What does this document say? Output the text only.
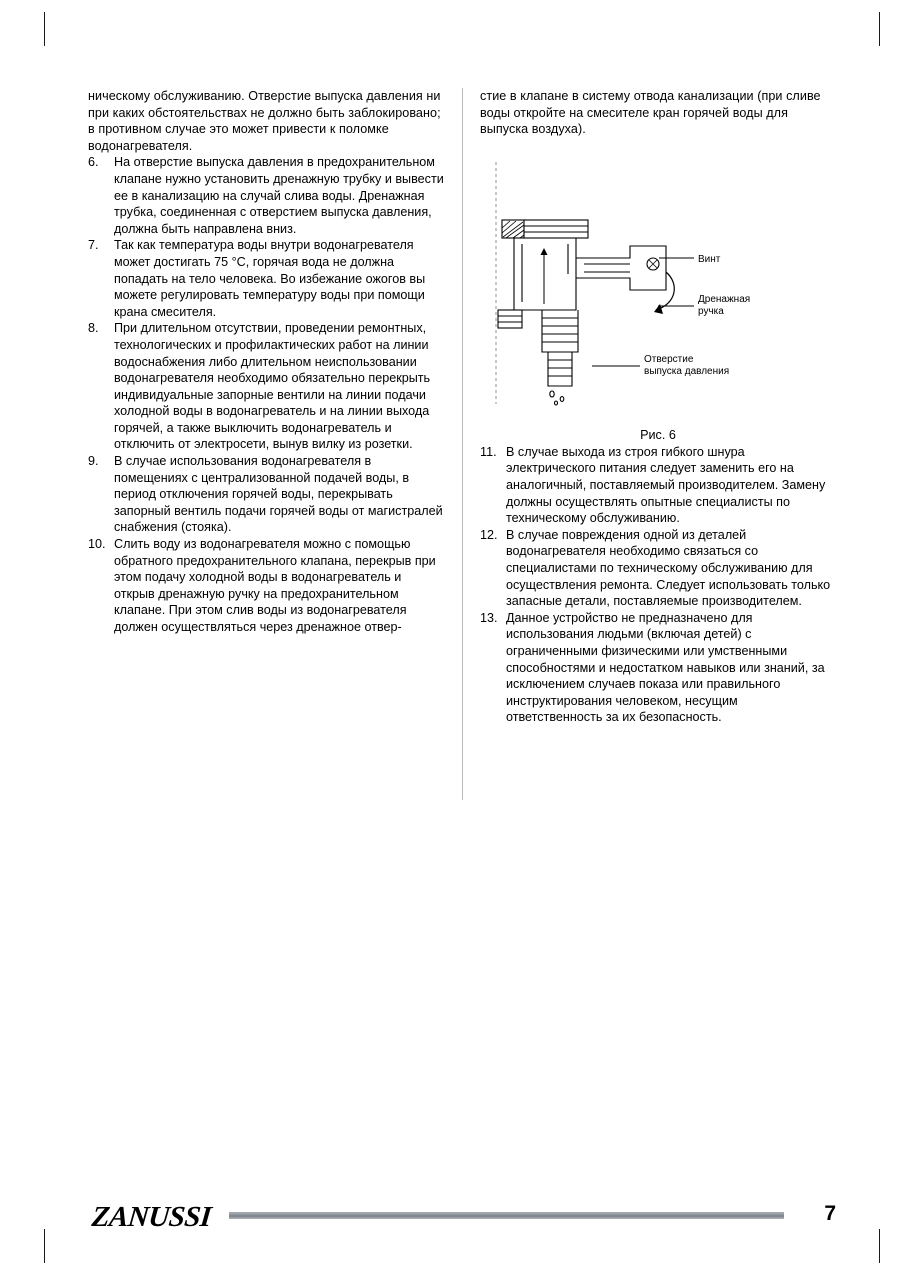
ническому обслуживанию. Отверстие выпуска давления ни при каких обстоятельствах не должно быть заблокировано; в противном случае это может привести к поломке водонагревателя.

6.	На отверстие выпуска давления в предохранительном клапане нужно установить дренажную трубку и вывести ее в канализацию на случай слива воды. Дренажная трубка, соединенная с отверстием выпуска давления, должна быть направлена вниз.
7.	Так как температура воды внутри водонагревателя может достигать 75 °C, горячая вода не должна попадать на тело человека. Во избежание ожогов вы можете регулировать температуру воды при помощи крана смесителя.
8.	При длительном отсутствии, проведении ремонтных, технологических и профилактических работ на линии водоснабжения либо длительном неиспользовании водонагревателя необходимо обязательно перекрыть индивидуальные запорные вентили на линии подачи холодной воды в водонагреватель и на линии выхода горячей, а также выключить водонагреватель и отключить от электросети, вынув вилку из розетки.
9.	В случае использования водонагревателя в помещениях с централизованной подачей воды, в период отключения горячей воды, перекрывать запорный вентиль подачи горячей воды от магистралей снабжения (стояка).
10. Слить воду из водонагревателя можно с помощью обратного предохранительного клапана, перекрыв при этом подачу холодной воды в водонагреватель и открыв дренажную ручку на предохранительном клапане. При этом слив воды из водонагревателя должен осуществляться через дренажное отвер-

стие в клапане в систему отвода канализации (при сливе воды откройте на смесителе кран горячей воды для выпуска воздуха).

Винт
Дренажная
ручка
Отверстие
выпуска давления
Рис. 6
11. В случае выхода из строя гибкого шнура электрического питания следует заменить его на аналогичный, поставляемый производителем. Замену должны осуществлять опытные специалисты по техническому обслуживанию.
12. В случае повреждения одной из деталей водонагревателя необходимо связаться со специалистами по техническому обслуживанию для осуществления ремонта. Следует использовать только запасные детали, поставляемые производителем.
13. Данное устройство не предназначено для использования людьми (включая детей) с ограниченными физическими или умственными способностями и недостатком навыков или знаний, за исключением случаев показа или правильного инструктирования человеком, несущим ответственность за их безопасность.
ZANUSSI	7
